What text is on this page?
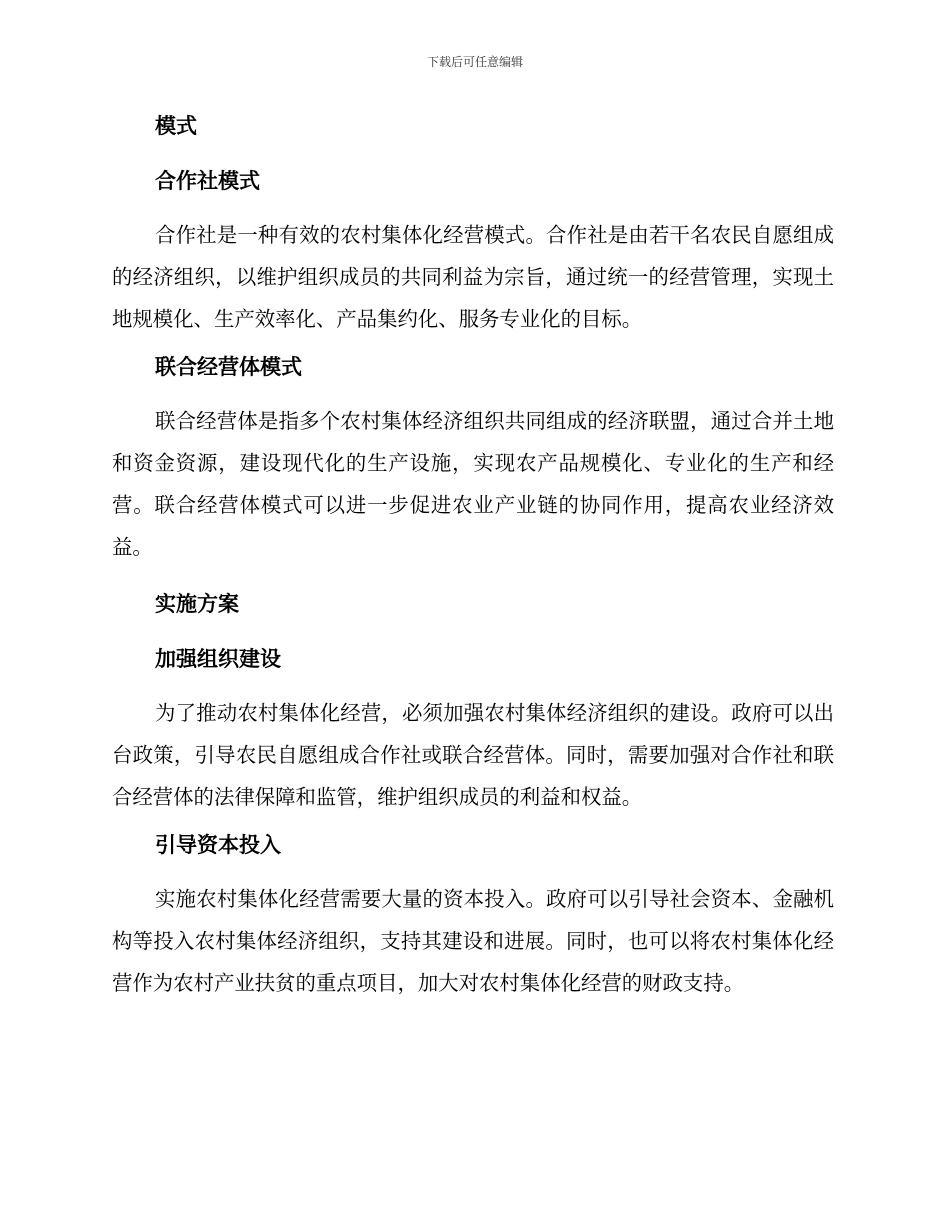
下载后可任意编辑
模式
合作社模式

合作社是一种有效的农村集体化经营模式。合作社是由若干名农民自愿组成的经济组织，以维护组织成员的共同利益为宗旨，通过统一的经营管理，实现土地规模化、生产效率化、产品集约化、服务专业化的目标。

联合经营体模式

联合经营体是指多个农村集体经济组织共同组成的经济联盟，通过合并土地和资金资源，建设现代化的生产设施，实现农产品规模化、专业化的生产和经营。联合经营体模式可以进一步促进农业产业链的协同作用，提高农业经济效益。

实施方案
加强组织建设

为了推动农村集体化经营，必须加强农村集体经济组织的建设。政府可以出台政策，引导农民自愿组成合作社或联合经营体。同时，需要加强对合作社和联合经营体的法律保障和监管，维护组织成员的利益和权益。

引导资本投入

实施农村集体化经营需要大量的资本投入。政府可以引导社会资本、金融机构等投入农村集体经济组织，支持其建设和进展。同时，也可以将农村集体化经营作为农村产业扶贫的重点项目，加大对农村集体化经营的财政支持。
